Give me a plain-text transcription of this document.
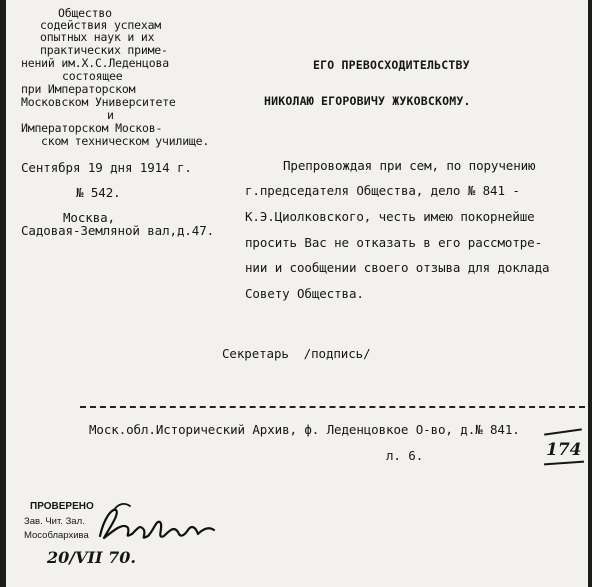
Общество
содействия успехам
опытных наук и их
практических приме-
нений им.Х.С.Леденцова
состоящее
при Императорском
Московском Университете
и
Императорском Москов-
ском техническом училище.
Сентября 19 дня 1914 г.
№ 542.
Москва,
Садовая-Земляной вал,д.47.
ЕГО ПРЕВОСХОДИТЕЛЬСТВУ
НИКОЛАЮ ЕГОРОВИЧУ ЖУКОВСКОМУ.
Препровождая при сем, по поручению
г.председателя Общества, дело № 841 -
К.Э.Циолковского, честь имею покорнейше
просить Вас не отказать в его рассмотре-
нии и сообщении своего отзыва для доклада
Совету Общества.
Секретарь  /подпись/
Моск.обл.Исторический Архив, ф. Леденцовкое О-во, д.№ 841.
л. 6.	174
ПРОВЕРЕНО
Зав. Чит. Зал.
Мособлархива
20/VII 70.
